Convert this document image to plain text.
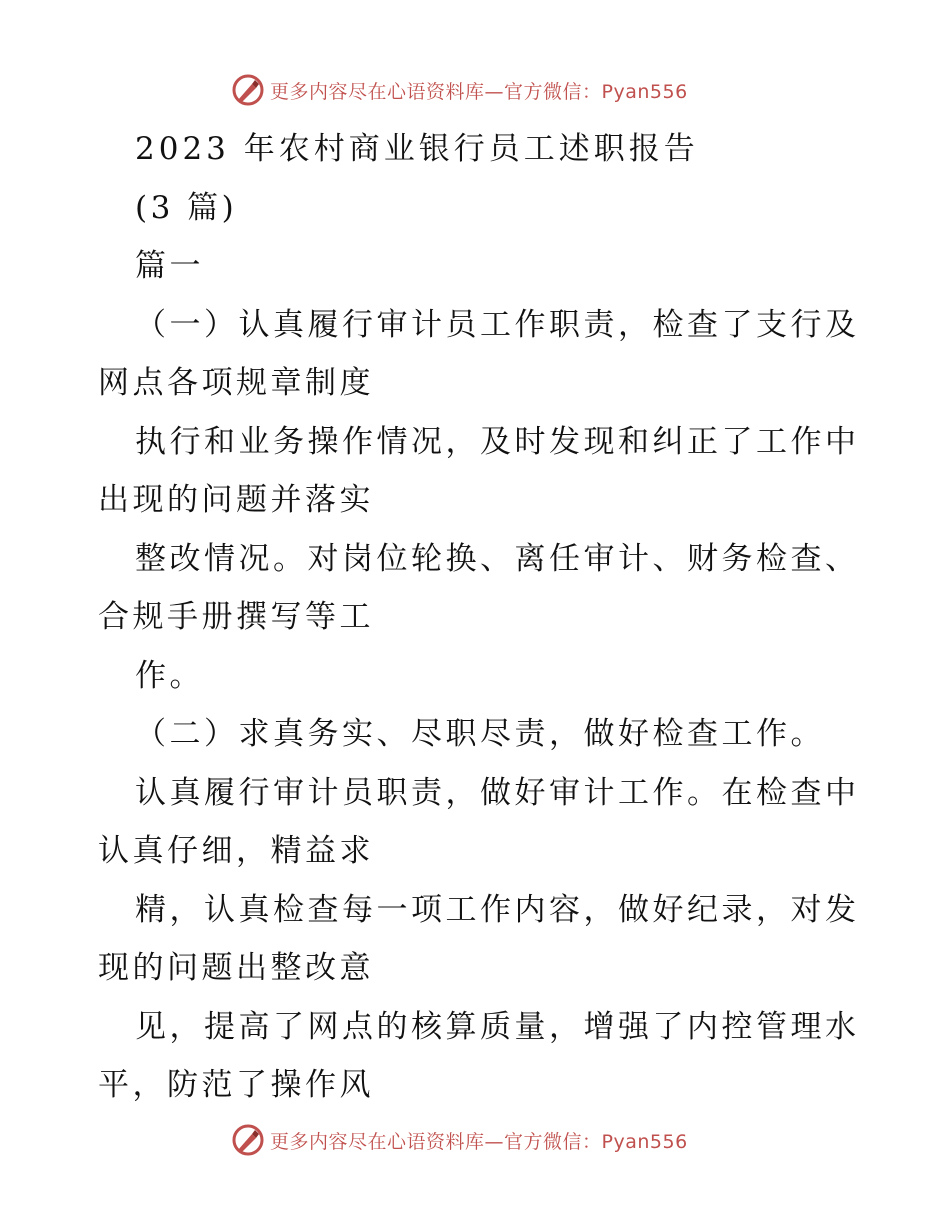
更多内容尽在心语资料库—官方微信：Pyan556
2023 年农村商业银行员工述职报告
(3 篇)
篇一
（一）认真履行审计员工作职责，检查了支行及
网点各项规章制度
执行和业务操作情况，及时发现和纠正了工作中
出现的问题并落实
整改情况。对岗位轮换、离任审计、财务检查、
合规手册撰写等工
作。
（二）求真务实、尽职尽责，做好检查工作。
认真履行审计员职责，做好审计工作。在检查中
认真仔细，精益求
精，认真检查每一项工作内容，做好纪录，对发
现的问题出整改意
见，提高了网点的核算质量，增强了内控管理水
平，防范了操作风
更多内容尽在心语资料库—官方微信：Pyan556
